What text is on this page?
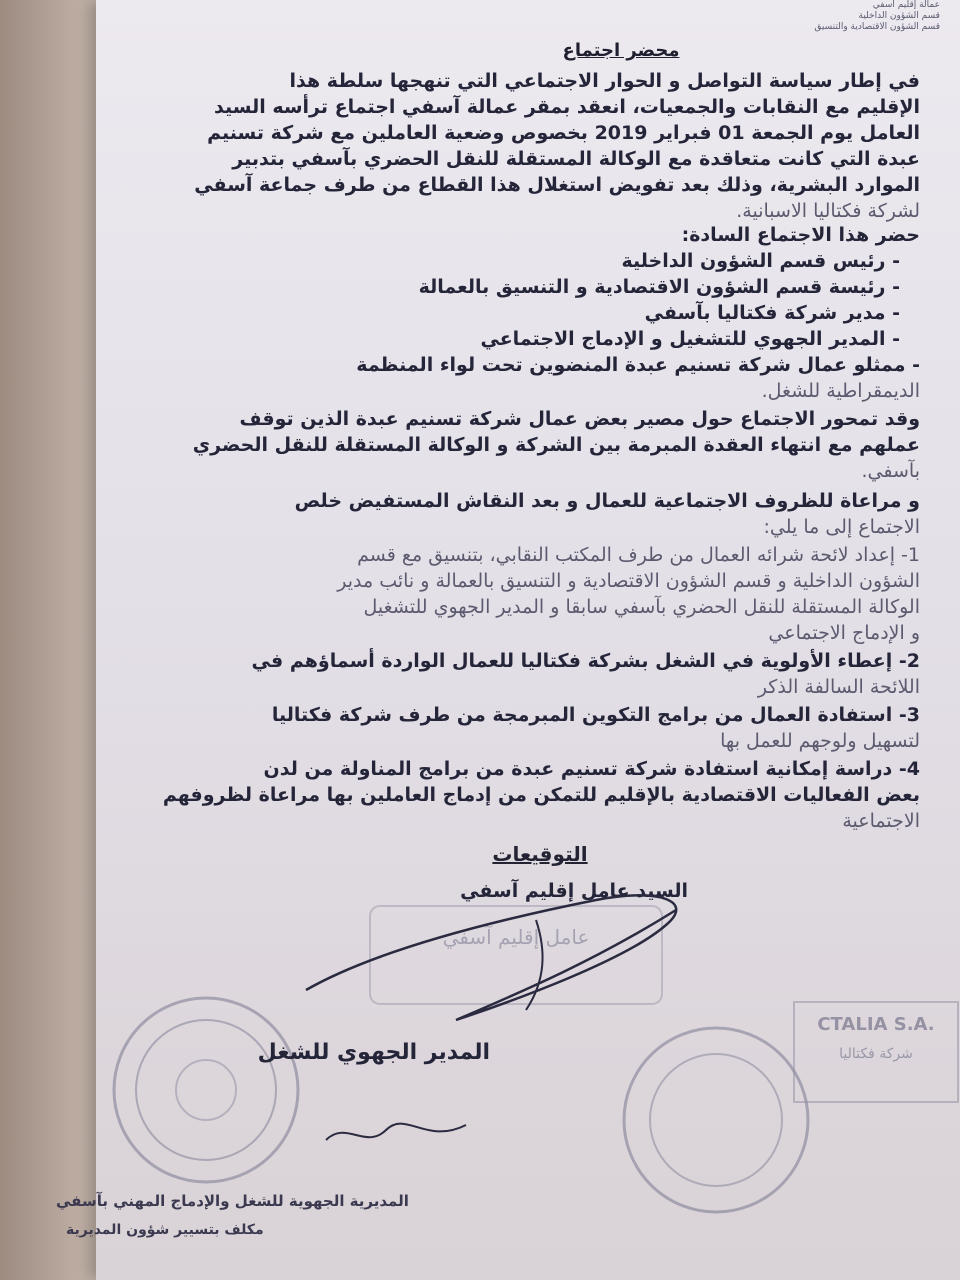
عمالة إقليم آسفي
قسم الشؤون الداخلية
قسم الشؤون الاقتصادية والتنسيق
محضر اجتماع
في إطار سياسة التواصل و الحوار الاجتماعي التي تنهجها سلطة هذا
الإقليم مع النقابات والجمعيات، انعقد بمقر عمالة آسفي اجتماع ترأسه السيد
العامل يوم الجمعة 01 فبراير 2019 بخصوص وضعية العاملين مع شركة تسنيم
عبدة التي كانت متعاقدة مع الوكالة المستقلة للنقل الحضري بآسفي بتدبير
الموارد البشرية، وذلك بعد تفويض استغلال هذا القطاع من طرف جماعة آسفي
لشركة فكتاليا الاسبانية.
حضر هذا الاجتماع السادة:
- رئيس قسم الشؤون الداخلية
- رئيسة قسم الشؤون الاقتصادية و التنسيق بالعمالة
- مدير شركة فكتاليا بآسفي
- المدير الجهوي للتشغيل و الإدماج الاجتماعي
- ممثلو عمال شركة تسنيم عبدة المنضوين تحت لواء المنظمة
الديمقراطية للشغل.
وقد تمحور الاجتماع حول مصير بعض عمال شركة تسنيم عبدة الذين توقف
عملهم مع انتهاء العقدة المبرمة بين الشركة و الوكالة المستقلة للنقل الحضري
بآسفي.
و مراعاة للظروف الاجتماعية للعمال و بعد النقاش المستفيض خلص
الاجتماع إلى ما يلي:
1- إعداد لائحة شرائه العمال من طرف المكتب النقابي، بتنسيق مع قسم
الشؤون الداخلية و قسم الشؤون الاقتصادية و التنسيق بالعمالة و نائب مدير
الوكالة المستقلة للنقل الحضري بآسفي سابقا و المدير الجهوي للتشغيل
و الإدماج الاجتماعي
2- إعطاء الأولوية في الشغل بشركة فكتاليا للعمال الواردة أسماؤهم في
اللائحة السالفة الذكر
3- استفادة العمال من برامج التكوين المبرمجة من طرف شركة فكتاليا
لتسهيل ولوجهم للعمل بها
4- دراسة إمكانية استفادة شركة تسنيم عبدة من برامج المناولة من لدن
بعض الفعاليات الاقتصادية بالإقليم للتمكن من إدماج العاملين بها مراعاة لظروفهم
الاجتماعية
التوقيعات
السيد عامل إقليم آسفي
عامل إقليم آسفي
المدير الجهوي للشغل
CTALIA S.A.
شركة فكتاليا
المديرية الجهوية للشغل والإدماج المهني بآسفي
مكلف بتسيير شؤون المديرية
